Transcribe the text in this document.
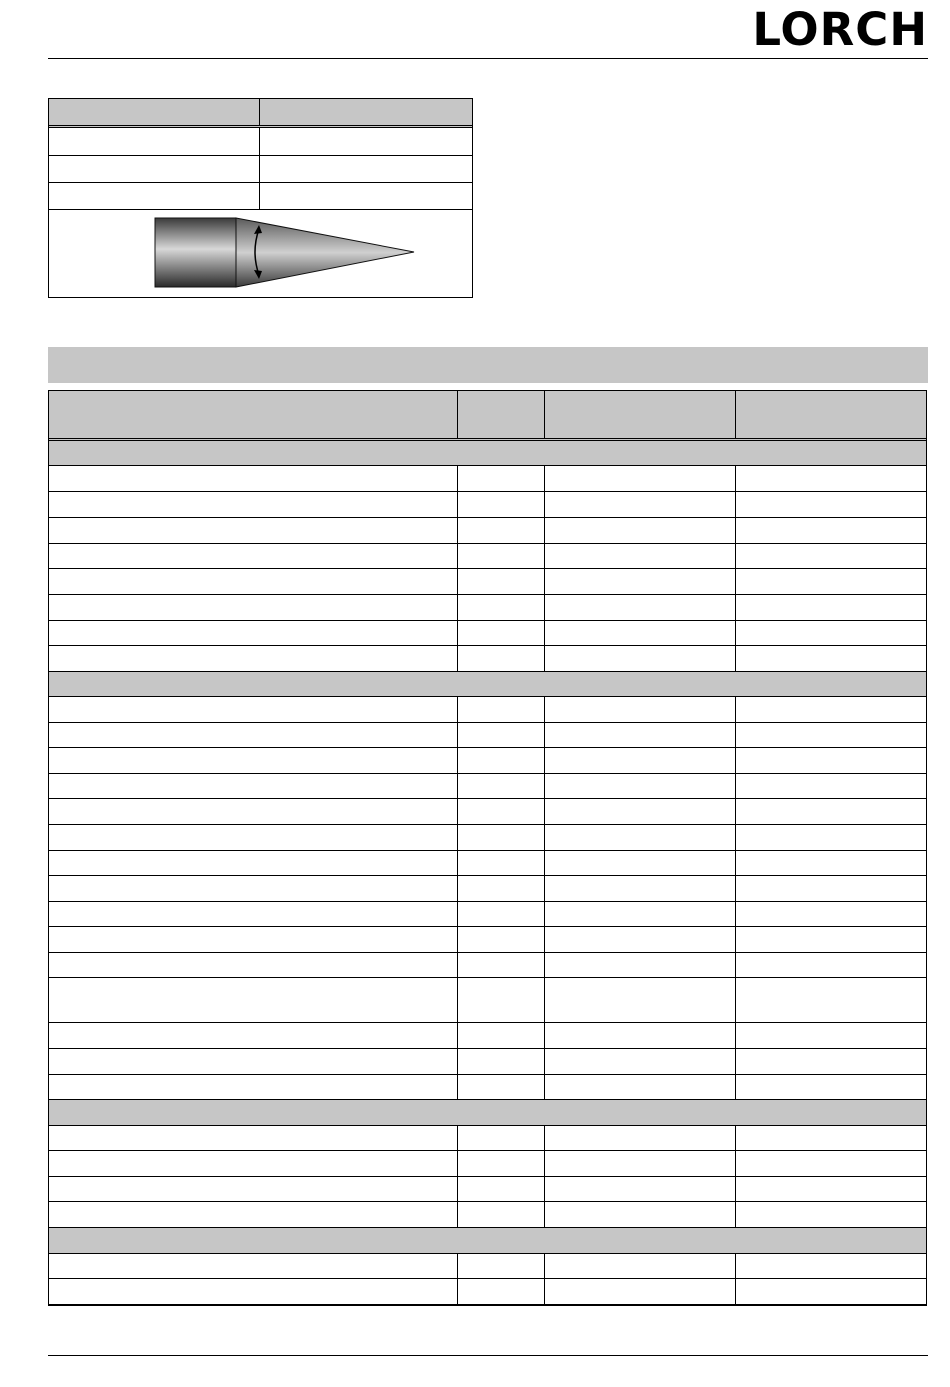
LORCH
